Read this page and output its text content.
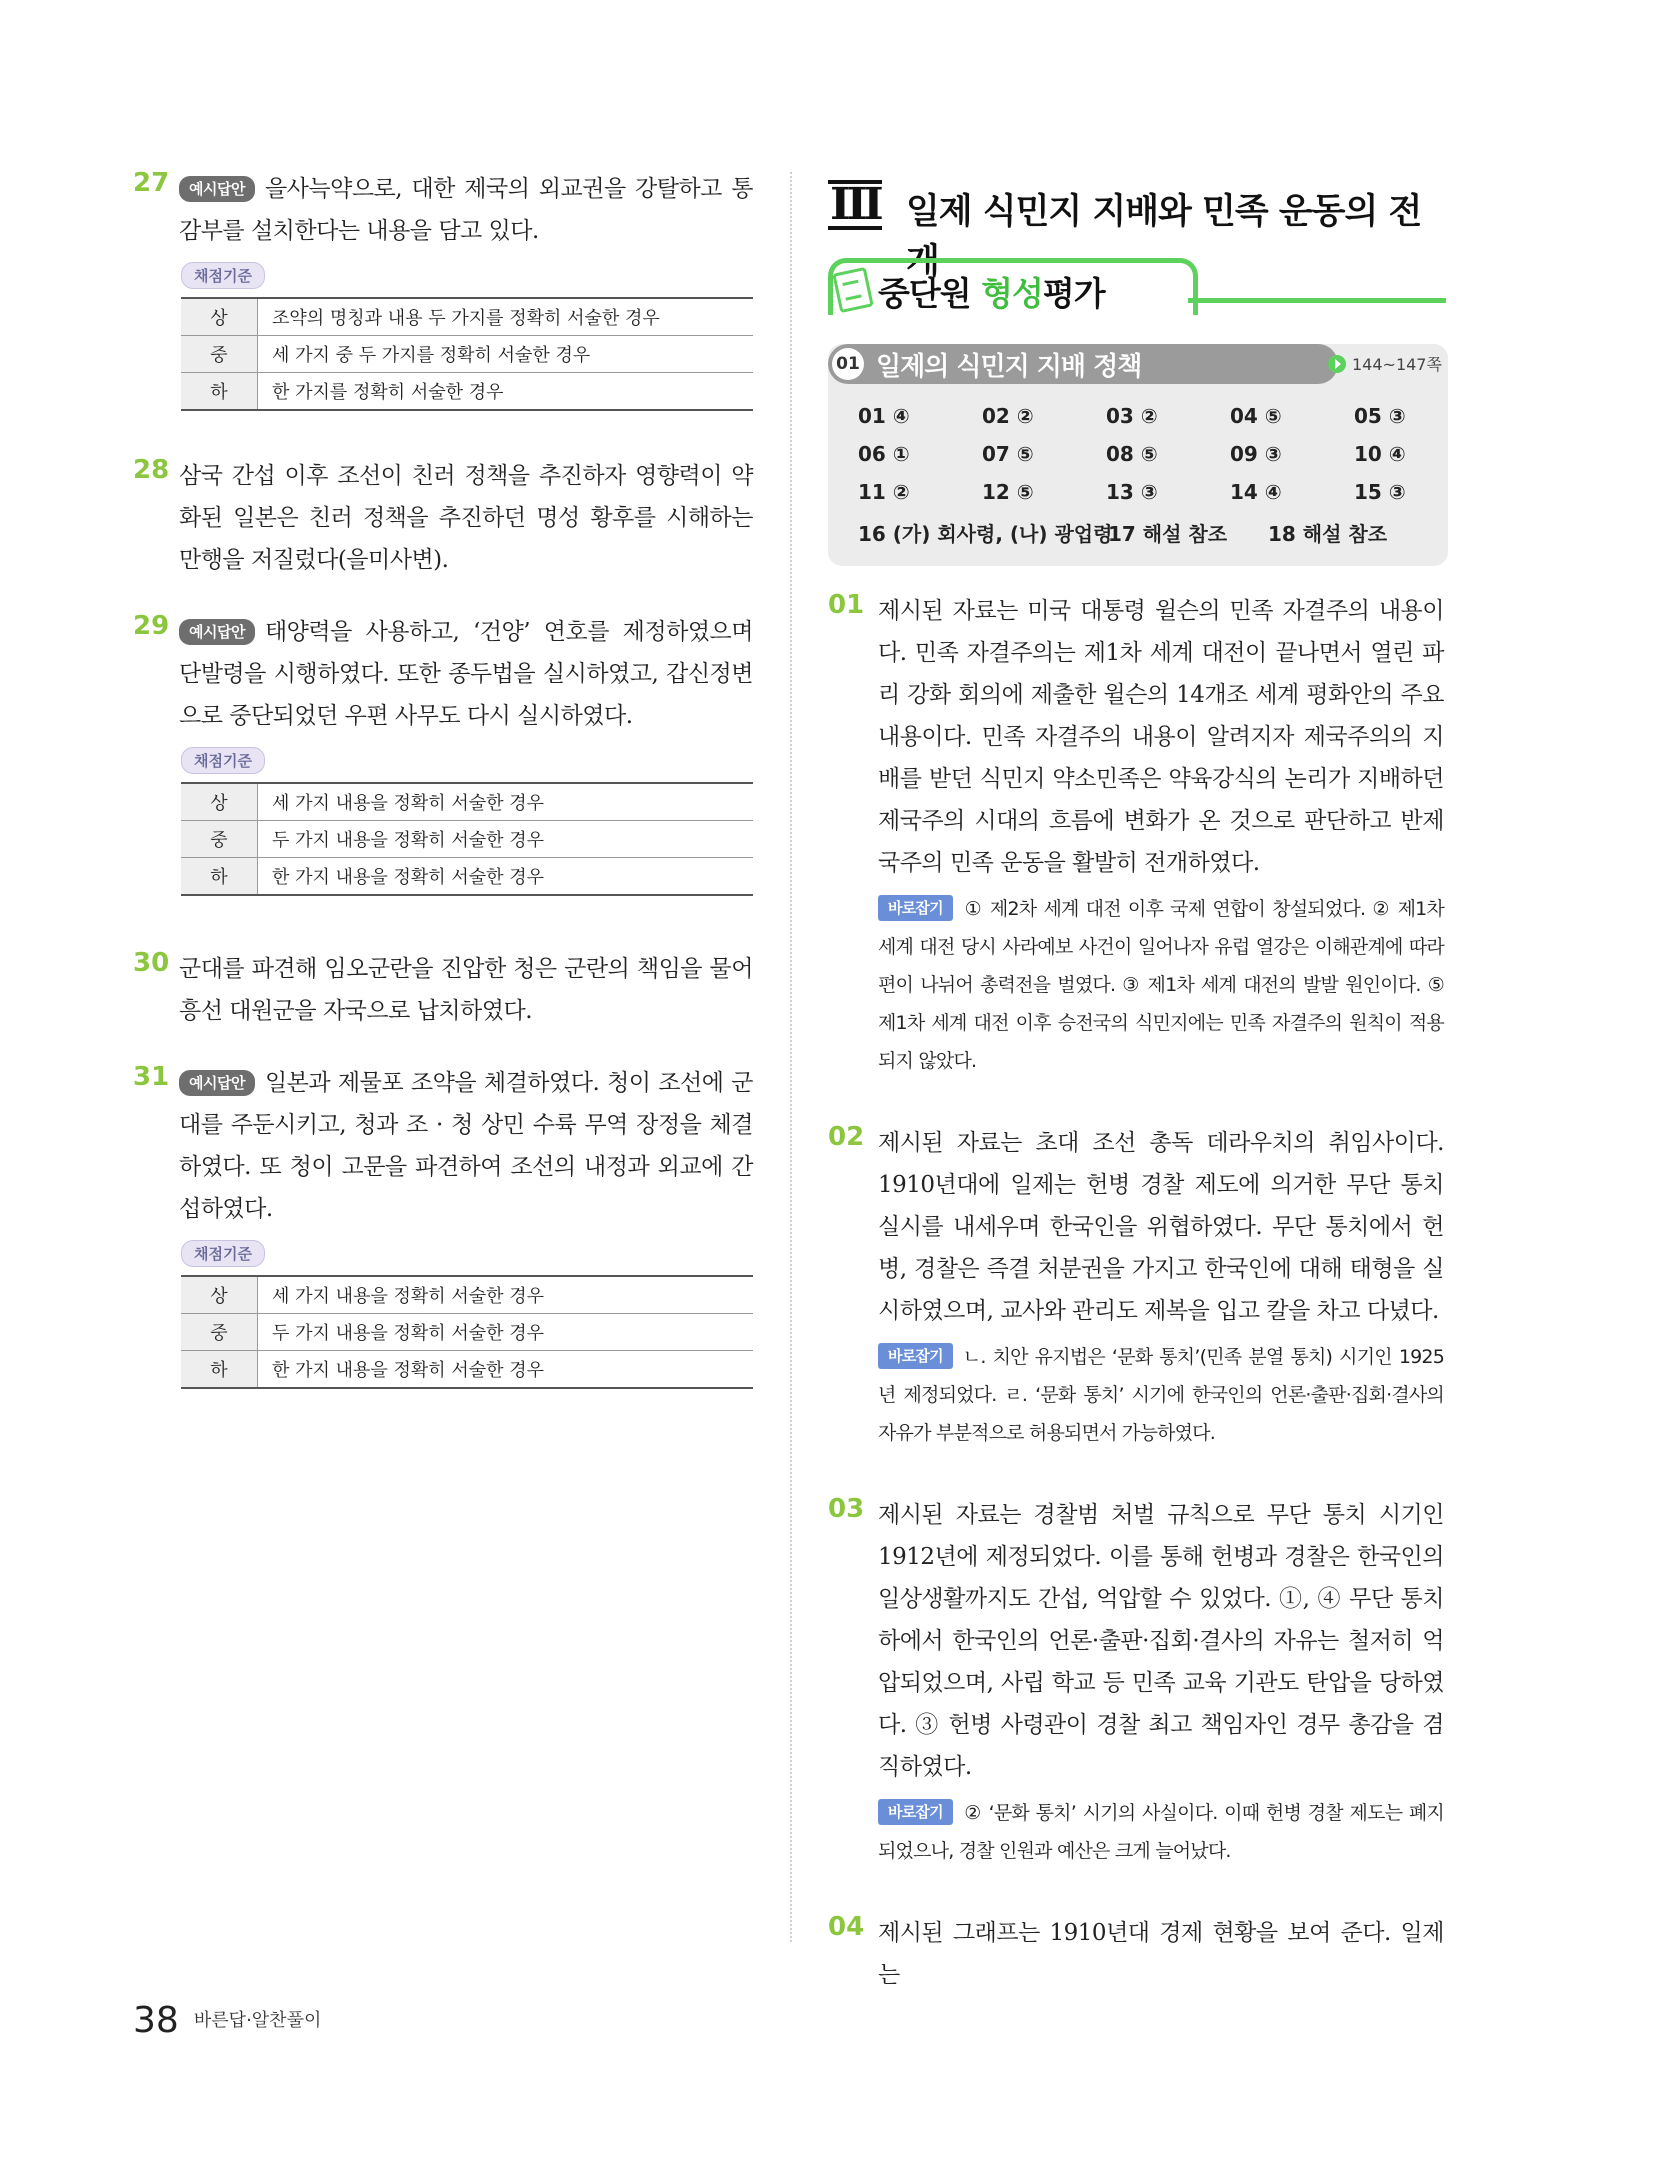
27	예시답안 을사늑약으로, 대한 제국의 외교권을 강탈하고 통감부를 설치한다는 내용을 담고 있다.
채점기준
상	조약의 명칭과 내용 두 가지를 정확히 서술한 경우
중	세 가지 중 두 가지를 정확히 서술한 경우
하	한 가지를 정확히 서술한 경우
28 삼국 간섭 이후 조선이 친러 정책을 추진하자 영향력이 약화된 일본은 친러 정책을 추진하던 명성 황후를 시해하는 만행을 저질렀다(을미사변).
29	예시답안 태양력을 사용하고, ‘건양’ 연호를 제정하였으며 단발령을 시행하였다. 또한 종두법을 실시하였고, 갑신정변으로 중단되었던 우편 사무도 다시 실시하였다.
채점기준
상	세 가지 내용을 정확히 서술한 경우
중	두 가지 내용을 정확히 서술한 경우
하	한 가지 내용을 정확히 서술한 경우
30 군대를 파견해 임오군란을 진압한 청은 군란의 책임을 물어 흥선 대원군을 자국으로 납치하였다.
31	예시답안 일본과 제물포 조약을 체결하였다. 청이 조선에 군대를 주둔시키고, 청과 조 · 청 상민 수륙 무역 장정을 체결하였다. 또 청이 고문을 파견하여 조선의 내정과 외교에 간섭하였다.
채점기준
상	세 가지 내용을 정확히 서술한 경우
중	두 가지 내용을 정확히 서술한 경우
하	한 가지 내용을 정확히 서술한 경우
III 일제 식민지 지배와 민족 운동의 전개
중단원 형성평가
01 일제의 식민지 지배 정책	144~147쪽
01 ④	02 ②	03 ②	04 ⑤	05 ③
06 ①	07 ⑤	08 ⑤	09 ③	10 ④
11 ②	12 ⑤	13 ③	14 ④	15 ③
16 (가) 회사령, (나) 광업령
17 해설 참조 18 해설 참조
01 제시된 자료는 미국 대통령 윌슨의 민족 자결주의 내용이다. 민족 자결주의는 제1차 세계 대전이 끝나면서 열린 파리 강화 회의에 제출한 윌슨의 14개조 세계 평화안의 주요 내용이다. 민족 자결주의 내용이 알려지자 제국주의의 지배를 받던 식민지 약소민족은 약육강식의 논리가 지배하던 제국주의 시대의 흐름에 변화가 온 것으로 판단하고 반제국주의 민족 운동을 활발히 전개하였다.
바로잡기 ① 제2차 세계 대전 이후 국제 연합이 창설되었다. ② 제1차 세계 대전 당시 사라예보 사건이 일어나자 유럽 열강은 이해관계에 따라 편이 나뉘어 총력전을 벌였다. ③ 제1차 세계 대전의 발발 원인이다. ⑤ 제1차 세계 대전 이후 승전국의 식민지에는 민족 자결주의 원칙이 적용되지 않았다.
02 제시된 자료는 초대 조선 총독 데라우치의 취임사이다. 1910년대에 일제는 헌병 경찰 제도에 의거한 무단 통치 실시를 내세우며 한국인을 위협하였다. 무단 통치에서 헌병, 경찰은 즉결 처분권을 가지고 한국인에 대해 태형을 실시하였으며, 교사와 관리도 제복을 입고 칼을 차고 다녔다.
바로잡기 ㄴ. 치안 유지법은 ‘문화 통치’(민족 분열 통치) 시기인 1925년 제정되었다. ㄹ. ‘문화 통치’ 시기에 한국인의 언론·출판·집회·결사의 자유가 부분적으로 허용되면서 가능하였다.
03 제시된 자료는 경찰범 처벌 규칙으로 무단 통치 시기인 1912년에 제정되었다. 이를 통해 헌병과 경찰은 한국인의 일상생활까지도 간섭, 억압할 수 있었다. ①, ④ 무단 통치 하에서 한국인의 언론·출판·집회·결사의 자유는 철저히 억압되었으며, 사립 학교 등 민족 교육 기관도 탄압을 당하였다. ③ 헌병 사령관이 경찰 최고 책임자인 경무 총감을 겸직하였다.
바로잡기 ② ‘문화 통치’ 시기의 사실이다. 이때 헌병 경찰 제도는 폐지되었으나, 경찰 인원과 예산은 크게 늘어났다.
04 제시된 그래프는 1910년대 경제 현황을 보여 준다. 일제는
38 바른답·알찬풀이
